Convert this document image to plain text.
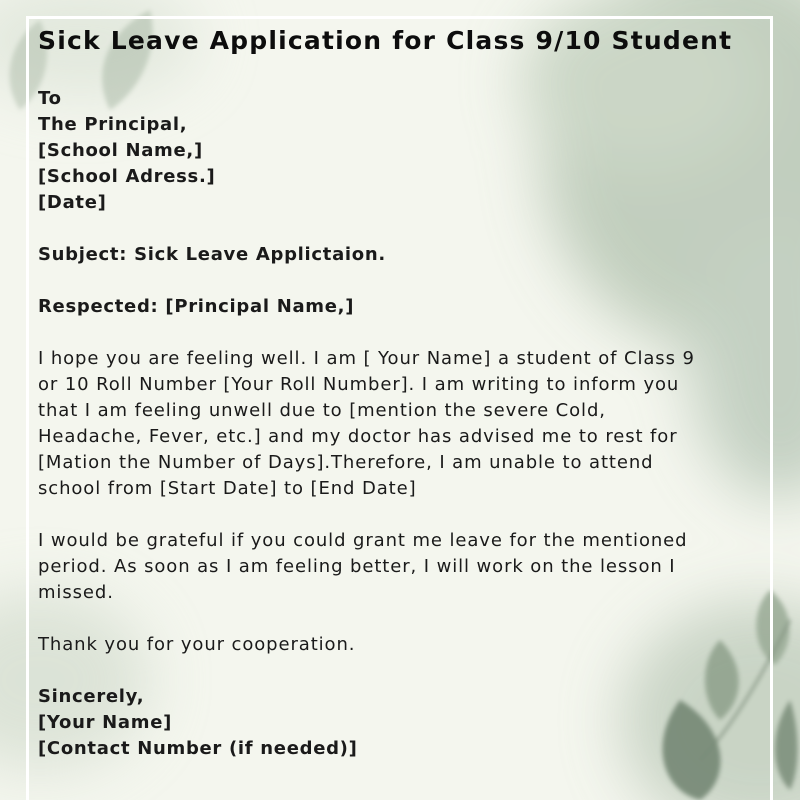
Sick Leave Application for Class 9/10 Student
To
The Principal,
[School Name,]
[School Adress.]
[Date]
Subject: Sick Leave Applictaion.
Respected: [Principal Name,]
I hope you are feeling well. I am [ Your Name] a student of Class 9
or 10 Roll Number [Your Roll Number]. I am writing to inform you
that I am feeling unwell due to [mention the severe Cold,
Headache, Fever, etc.] and my doctor has advised me to rest for
[Mation the Number of Days].Therefore, I am unable to attend
school from [Start Date] to [End Date]
I would be grateful if you could grant me leave for the mentioned
period. As soon as I am feeling better, I will work on the lesson I
missed.
Thank you for your cooperation.
Sincerely,
[Your Name]
[Contact Number (if needed)]
